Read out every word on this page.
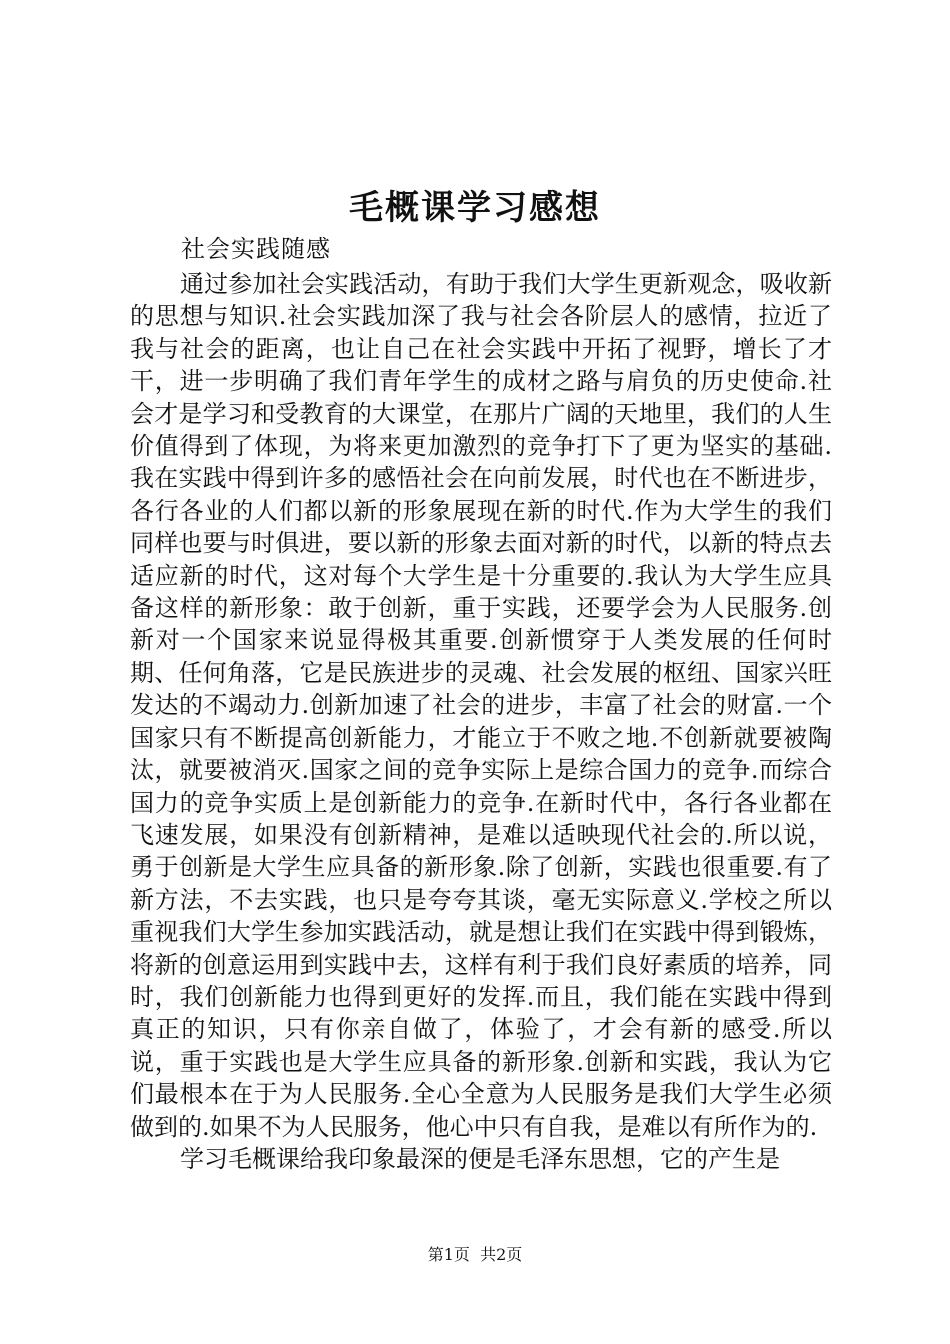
毛概课学习感想
社会实践随感

通过参加社会实践活动，有助于我们大学生更新观念，吸收新的思想与知识.社会实践加深了我与社会各阶层人的感情，拉近了我与社会的距离，也让自己在社会实践中开拓了视野，增长了才干，进一步明确了我们青年学生的成材之路与肩负的历史使命.社会才是学习和受教育的大课堂，在那片广阔的天地里，我们的人生价值得到了体现，为将来更加激烈的竞争打下了更为坚实的基础.我在实践中得到许多的感悟社会在向前发展，时代也在不断进步，各行各业的人们都以新的形象展现在新的时代.作为大学生的我们同样也要与时俱进，要以新的形象去面对新的时代，以新的特点去适应新的时代，这对每个大学生是十分重要的.我认为大学生应具备这样的新形象：敢于创新，重于实践，还要学会为人民服务.创新对一个国家来说显得极其重要.创新惯穿于人类发展的任何时期、任何角落，它是民族进步的灵魂、社会发展的枢纽、国家兴旺发达的不竭动力.创新加速了社会的进步，丰富了社会的财富.一个国家只有不断提高创新能力，才能立于不败之地.不创新就要被陶汰，就要被消灭.国家之间的竞争实际上是综合国力的竞争.而综合国力的竞争实质上是创新能力的竞争.在新时代中，各行各业都在飞速发展，如果没有创新精神，是难以适映现代社会的.所以说，勇于创新是大学生应具备的新形象.除了创新，实践也很重要.有了新方法，不去实践，也只是夸夸其谈，毫无实际意义.学校之所以重视我们大学生参加实践活动，就是想让我们在实践中得到锻炼，将新的创意运用到实践中去，这样有利于我们良好素质的培养，同时，我们创新能力也得到更好的发挥.而且，我们能在实践中得到真正的知识，只有你亲自做了，体验了，才会有新的感受.所以说，重于实践也是大学生应具备的新形象.创新和实践，我认为它们最根本在于为人民服务.全心全意为人民服务是我们大学生必须做到的.如果不为人民服务，他心中只有自我，是难以有所作为的.

学习毛概课给我印象最深的便是毛泽东思想，它的产生是

第1页 共2页
